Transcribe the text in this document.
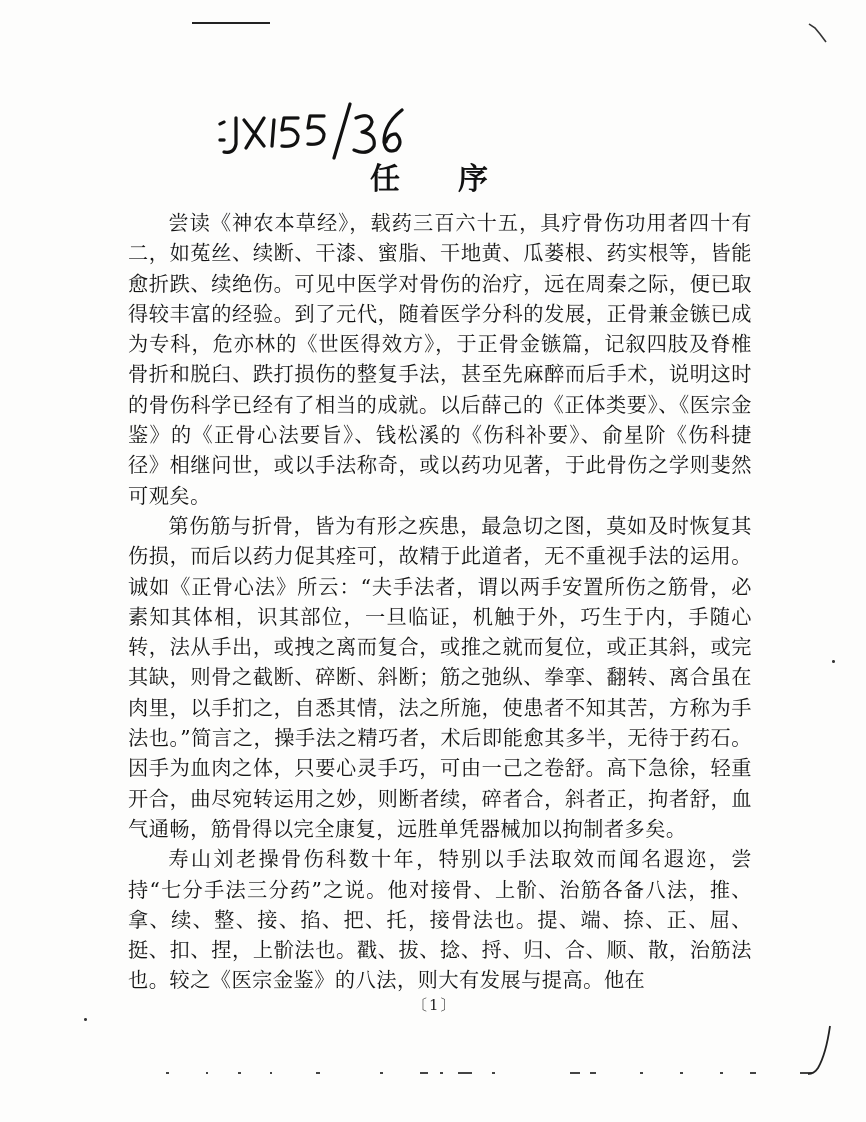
任序

尝读《神农本草经》，载药三百六十五，具疗骨伤功用者四十有二，如菟丝、续断、干漆、蜜脂、干地黄、瓜蒌根、药实根等，皆能愈折跌、续绝伤。可见中医学对骨伤的治疗，远在周秦之际，便已取得较丰富的经验。到了元代，随着医学分科的发展，正骨兼金镞已成为专科，危亦林的《世医得效方》，于正骨金镞篇，记叙四肢及脊椎骨折和脱臼、跌打损伤的整复手法，甚至先麻醉而后手术，说明这时的骨伤科学已经有了相当的成就。以后薛己的《正体类要》、《医宗金鉴》的《正骨心法要旨》、钱松溪的《伤科补要》、俞星阶《伤科捷径》相继问世，或以手法称奇，或以药功见著，于此骨伤之学则斐然可观矣。

第伤筋与折骨，皆为有形之疾患，最急切之图，莫如及时恢复其伤损，而后以药力促其痊可，故精于此道者，无不重视手法的运用。诚如《正骨心法》所云：“夫手法者，谓以两手安置所伤之筋骨，必素知其体相，识其部位，一旦临证，机触于外，巧生于内，手随心转，法从手出，或拽之离而复合，或推之就而复位，或正其斜，或完其缺，则骨之截断、碎断、斜断；筋之弛纵、拳挛、翻转、离合虽在肉里，以手扪之，自悉其情，法之所施，使患者不知其苦，方称为手法也。”简言之，操手法之精巧者，术后即能愈其多半，无待于药石。因手为血肉之体，只要心灵手巧，可由一己之卷舒。高下急徐，轻重开合，曲尽宛转运用之妙，则断者续，碎者合，斜者正，拘者舒，血气通畅，筋骨得以完全康复，远胜单凭器械加以拘制者多矣。

寿山刘老操骨伤科数十年，特别以手法取效而闻名遐迩，尝持“七分手法三分药”之说。他对接骨、上骱、治筋各备八法，推、拿、续、整、接、掐、把、托，接骨法也。提、端、捺、正、屈、挺、扣、捏，上骱法也。戳、拔、捻、捋、归、合、顺、散，治筋法也。较之《医宗金鉴》的八法，则大有发展与提高。他在

〔1〕
